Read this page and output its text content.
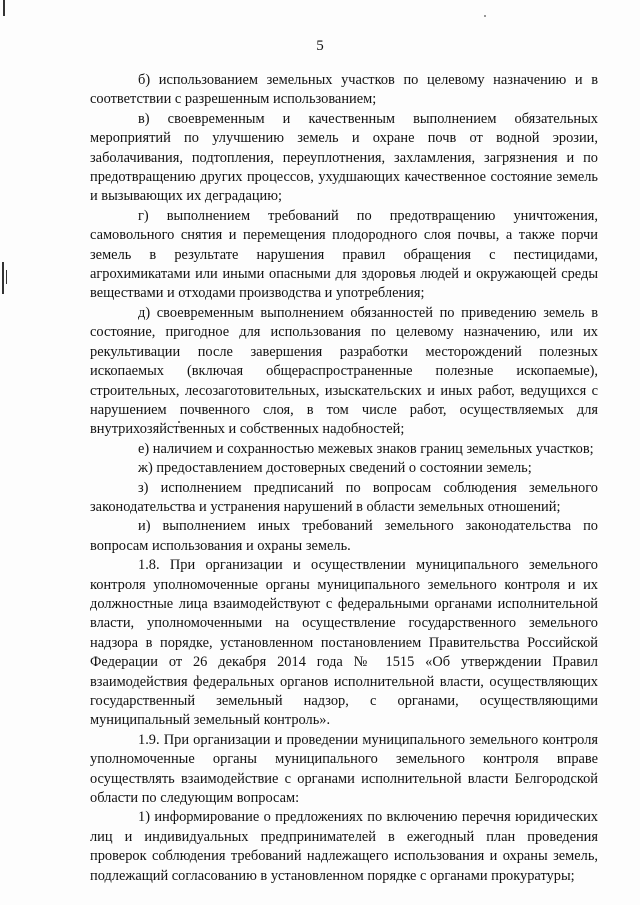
5

б) использованием земельных участков по целевому назначению и в соответствии с разрешенным использованием;

в) своевременным и качественным выполнением обязательных мероприятий по улучшению земель и охране почв от водной эрозии, заболачивания, подтопления, переуплотнения, захламления, загрязнения и по предотвращению других процессов, ухудшающих качественное состояние земель и вызывающих их деградацию;

г) выполнением требований по предотвращению уничтожения, самовольного снятия и перемещения плодородного слоя почвы, а также порчи земель в результате нарушения правил обращения с пестицидами, агрохимикатами или иными опасными для здоровья людей и окружающей среды веществами и отходами производства и употребления;

д) своевременным выполнением обязанностей по приведению земель в состояние, пригодное для использования по целевому назначению, или их рекультивации после завершения разработки месторождений полезных ископаемых (включая общераспространенные полезные ископаемые), строительных, лесозаготовительных, изыскательских и иных работ, ведущихся с нарушением почвенного слоя, в том числе работ, осуществляемых для внутрихозяйственных и собственных надобностей;

е) наличием и сохранностью межевых знаков границ земельных участков;

ж) предоставлением достоверных сведений о состоянии земель;

з) исполнением предписаний по вопросам соблюдения земельного законодательства и устранения нарушений в области земельных отношений;

и) выполнением иных требований земельного законодательства по вопросам использования и охраны земель.

1.8. При организации и осуществлении муниципального земельного контроля уполномоченные органы муниципального земельного контроля и их должностные лица взаимодействуют с федеральными органами исполнительной власти, уполномоченными на осуществление государственного земельного надзора в порядке, установленном постановлением Правительства Российской Федерации от 26 декабря 2014 года № 1515 «Об утверждении Правил взаимодействия федеральных органов исполнительной власти, осуществляющих государственный земельный надзор, с органами, осуществляющими муниципальный земельный контроль».

1.9. При организации и проведении муниципального земельного контроля уполномоченные органы муниципального земельного контроля вправе осуществлять взаимодействие с органами исполнительной власти Белгородской области по следующим вопросам:

1) информирование о предложениях по включению перечня юридических лиц и индивидуальных предпринимателей в ежегодный план проведения проверок соблюдения требований надлежащего использования и охраны земель, подлежащий согласованию в установленном порядке с органами прокуратуры;
